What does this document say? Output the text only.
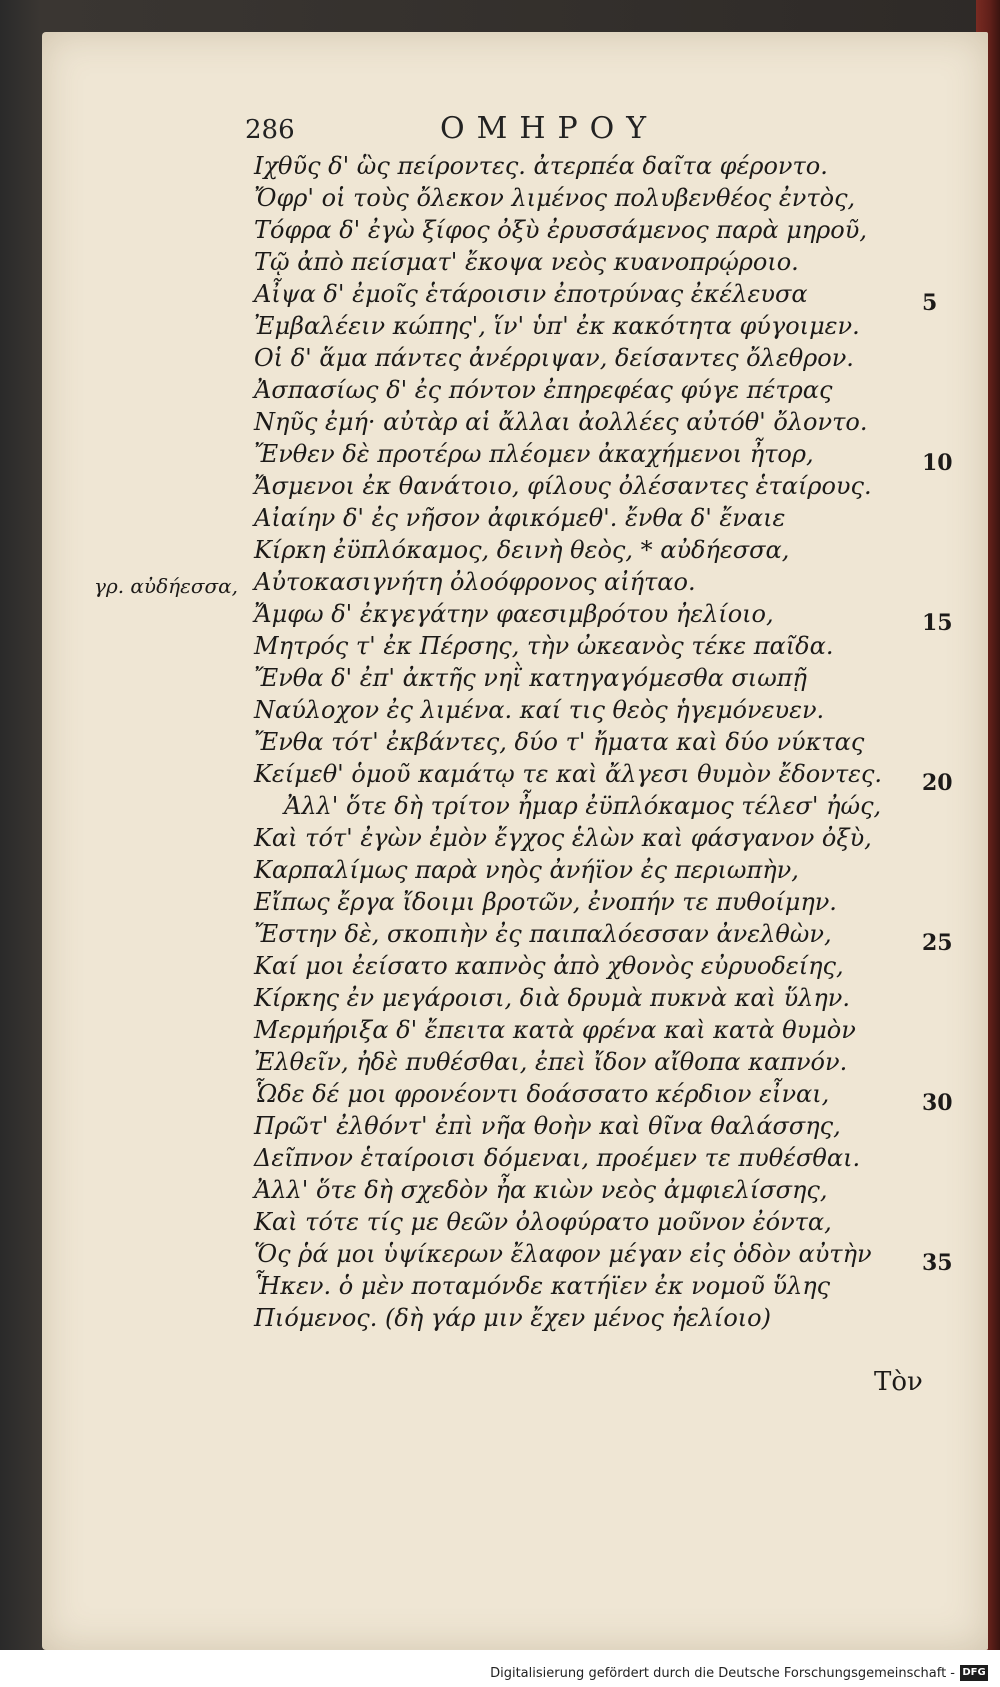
286	ΟΜΗΡΟΥ
γρ. αὐδήεσσα,
Ιχθῦς δ' ὣς πείροντες. ἀτερπέα δαῖτα φέροντο.
Ὄφρ' οἱ τοὺς ὄλεκον λιμένος πολυβενθέος ἐντὸς,
Τόφρα δ' ἐγὼ ξίφος ὀξὺ ἐρυσσάμενος παρὰ μηροῦ,
Τῷ ἀπὸ πείσματ' ἔκοψα νεὸς κυανοπρῴροιο.
Αἶψα δ' ἐμοῖς ἑτάροισιν ἐποτρύνας ἐκέλευσα
Ἐμβαλέειν κώπης', ἵν' ὑπ' ἐκ κακότητα φύγοιμεν.
Οἱ δ' ἅμα πάντες ἀνέρριψαν, δείσαντες ὄλεθρον.
Ἀσπασίως δ' ἐς πόντον ἐπηρεφέας φύγε πέτρας
Νηῦς ἐμή· αὐτὰρ αἱ ἄλλαι ἀολλέες αὐτόθ' ὄλοντο.
Ἔνθεν δὲ προτέρω πλέομεν ἀκαχήμενοι ἦτορ,
Ἄσμενοι ἐκ θανάτοιο, φίλους ὀλέσαντες ἑταίρους.
Αἰαίην δ' ἐς νῆσον ἀφικόμεθ'. ἔνθα δ' ἔναιε
Κίρκη ἐϋπλόκαμος, δεινὴ θεὸς, * αὐδήεσσα,
Αὐτοκασιγνήτη ὀλοόφρονος αἰήταο.
Ἄμφω δ' ἐκγεγάτην φαεσιμβρότου ἠελίοιο,
Μητρός τ' ἐκ Πέρσης, τὴν ὠκεανὸς τέκε παῖδα.
Ἔνθα δ' ἐπ' ἀκτῆς νηῒ κατηγαγόμεσθα σιωπῇ
Ναύλοχον ἐς λιμένα. καί τις θεὸς ἡγεμόνευεν.
Ἔνθα τότ' ἐκβάντες, δύο τ' ἤματα καὶ δύο νύκτας
Κείμεθ' ὁμοῦ καμάτῳ τε καὶ ἄλγεσι θυμὸν ἔδοντες.
Ἀλλ' ὅτε δὴ τρίτον ἦμαρ ἐϋπλόκαμος τέλεσ' ἠώς,
Καὶ τότ' ἐγὼν ἐμὸν ἔγχος ἑλὼν καὶ φάσγανον ὀξὺ,
Καρπαλίμως παρὰ νηὸς ἀνήϊον ἐς περιωπὴν,
Εἴπως ἔργα ἴδοιμι βροτῶν, ἐνοπήν τε πυθοίμην.
Ἔστην δὲ, σκοπιὴν ἐς παιπαλόεσσαν ἀνελθὼν,
Καί μοι ἐείσατο καπνὸς ἀπὸ χθονὸς εὐρυοδείης,
Κίρκης ἐν μεγάροισι, διὰ δρυμὰ πυκνὰ καὶ ὕλην.
Μερμήριξα δ' ἔπειτα κατὰ φρένα καὶ κατὰ θυμὸν
Ἐλθεῖν, ἠδὲ πυθέσθαι, ἐπεὶ ἴδον αἴθοπα καπνόν.
Ὧδε δέ μοι φρονέοντι δοάσσατο κέρδιον εἶναι,
Πρῶτ' ἐλθόντ' ἐπὶ νῆα θοὴν καὶ θῖνα θαλάσσης,
Δεῖπνον ἑταίροισι δόμεναι, προέμεν τε πυθέσθαι.
Ἀλλ' ὅτε δὴ σχεδὸν ἦα κιὼν νεὸς ἀμφιελίσσης,
Καὶ τότε τίς με θεῶν ὀλοφύρατο μοῦνον ἐόντα,
Ὅς ῥά μοι ὑψίκερων ἔλαφον μέγαν εἰς ὁδὸν αὐτὴν
Ἧκεν. ὁ μὲν ποταμόνδε κατήϊεν ἐκ νομοῦ ὕλης
Πιόμενος. (δὴ γάρ μιν ἔχεν μένος ἠελίοιο)
5
10
15
20
25
30
35
Τὸν
Digitalisierung gefördert durch die Deutsche Forschungsgemeinschaft - DFG
